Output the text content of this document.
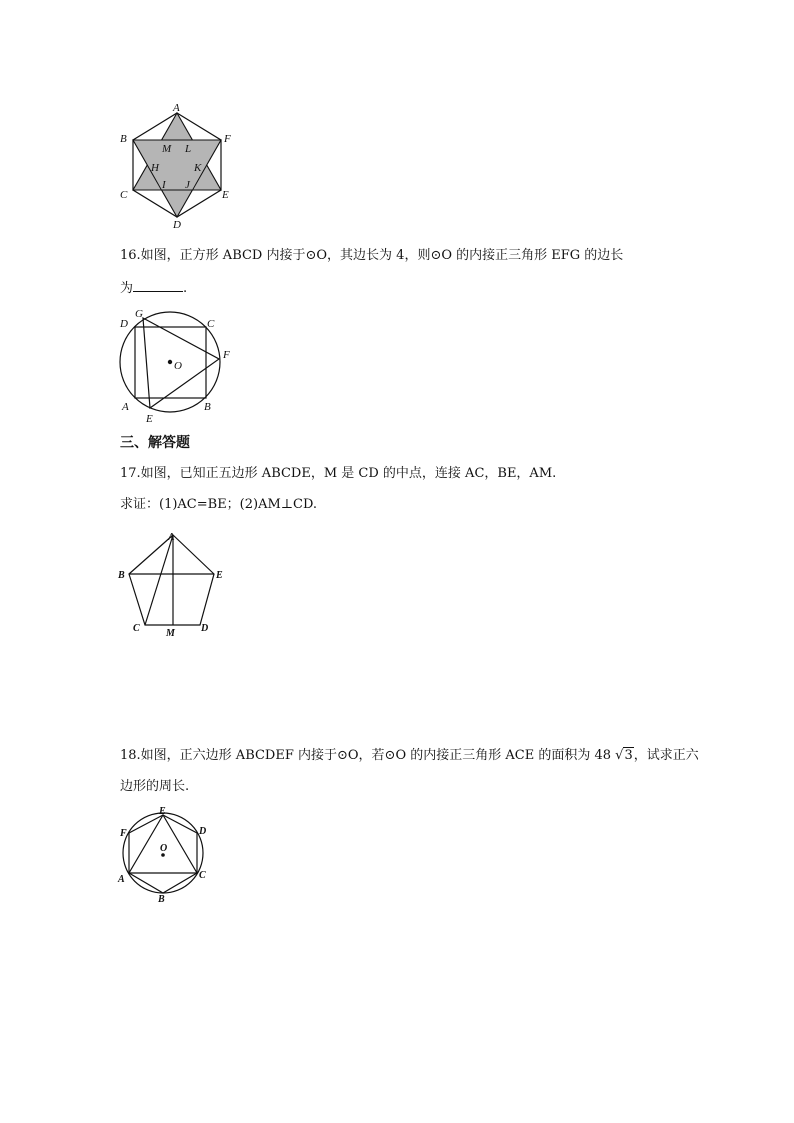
A
B	F
M L
H	K
C
I J
E
D
16.如图，正方形 ABCD 内接于⊙O，其边长为 4，则⊙O 的内接正三角形 EFG 的边长
为	.
D
G
C
F
O
A
E
B
三、解答题
17.如图，已知正五边形 ABCDE，M 是 CD 的中点，连接 AC，BE，AM.
求证：(1)AC=BE；(2)AM⊥CD.
A
B	E
C	M	D
18.如图，正六边形 ABCDEF 内接于⊙O，若⊙O 的内接正三角形 ACE 的面积为 48 √3，试求正六
边形的周长.
E
F	D
O
A	C
B
